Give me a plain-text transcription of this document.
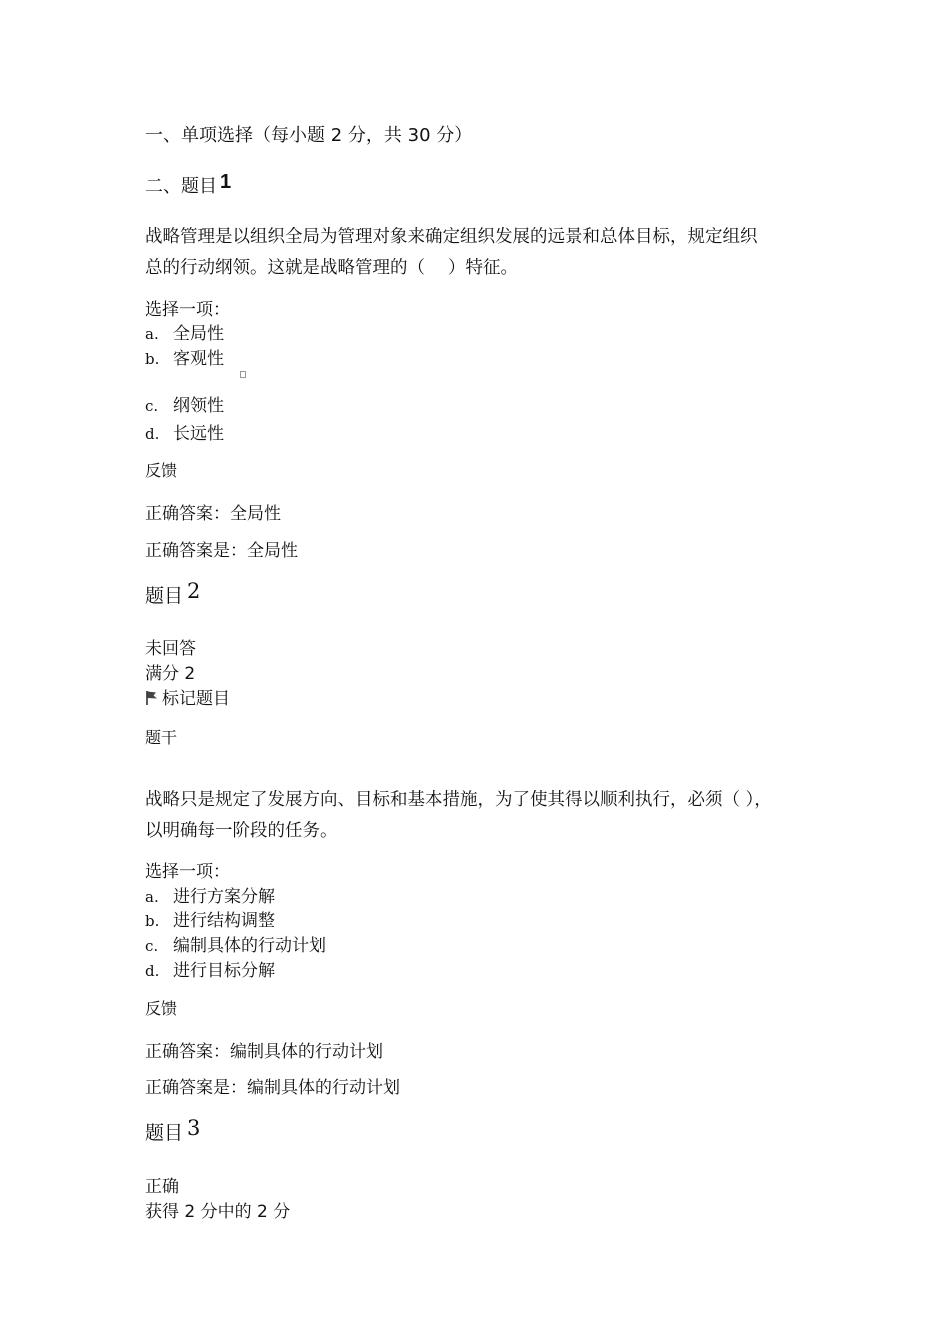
一、单项选择（每小题 2 分，共 30 分）
二、题目 1
战略管理是以组织全局为管理对象来确定组织发展的远景和总体目标，规定组织
总的行动纲领。这就是战略管理的（　 ）特征。
选择一项：
a. 全局性
b. 客观性
c. 纲领性
d. 长远性
反馈
正确答案：全局性
正确答案是：全局性
题目 2
未回答
满分 2
标记题目
题干
战略只是规定了发展方向、目标和基本措施，为了使其得以顺利执行，必须（ ），
以明确每一阶段的任务。
选择一项：
a. 进行方案分解
b. 进行结构调整
c. 编制具体的行动计划
d. 进行目标分解
反馈
正确答案：编制具体的行动计划
正确答案是：编制具体的行动计划
题目 3
正确
获得 2 分中的 2 分
